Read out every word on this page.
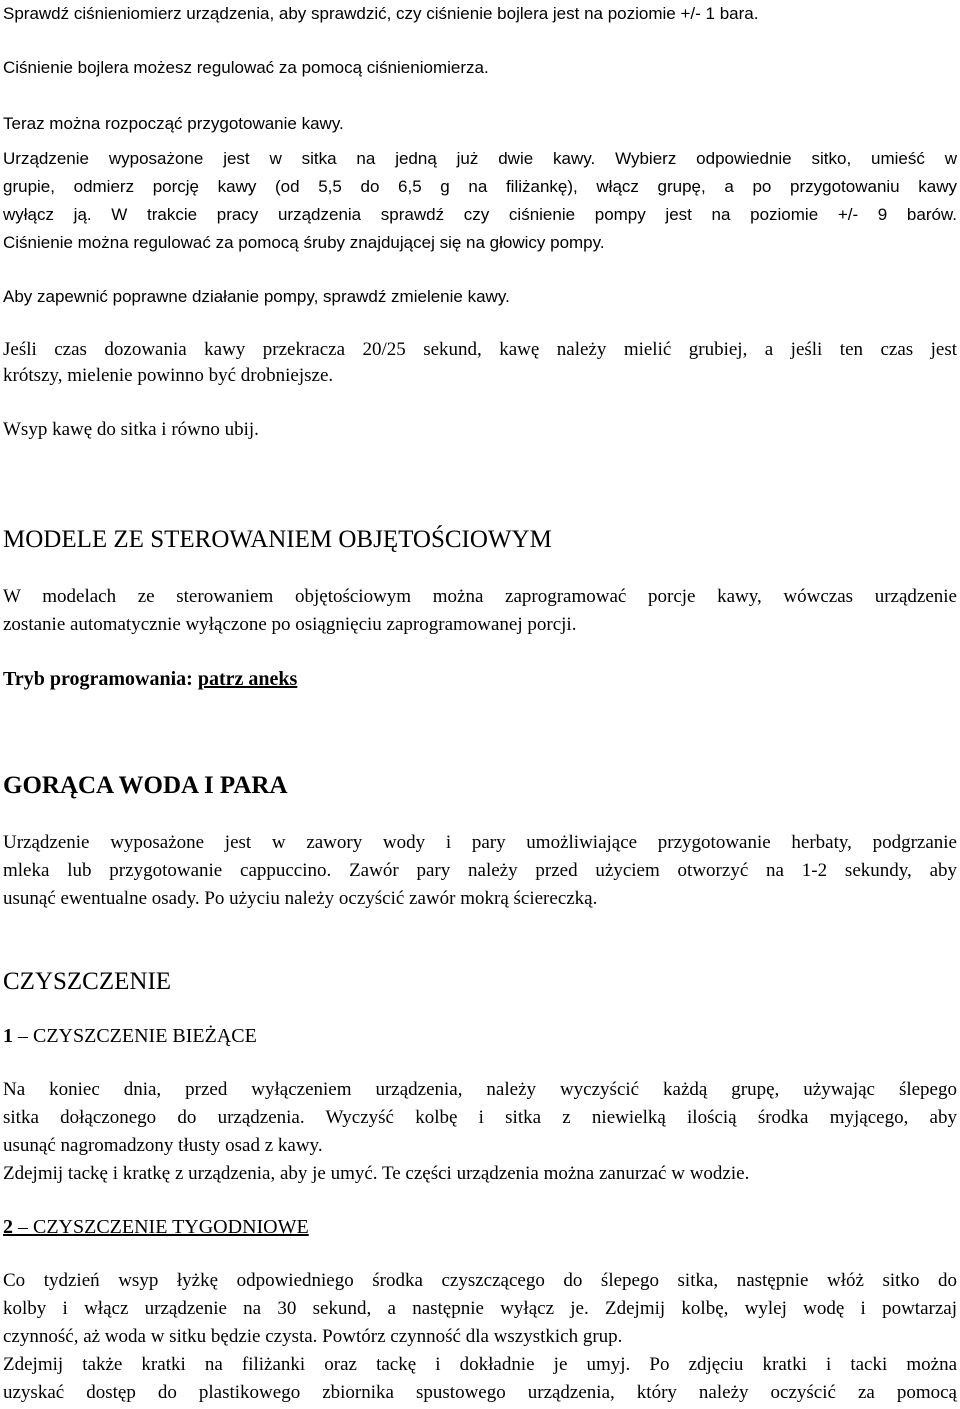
Sprawdź ciśnieniomierz urządzenia, aby sprawdzić, czy ciśnienie bojlera jest na poziomie +/- 1 bara.

Ciśnienie bojlera możesz regulować za pomocą ciśnieniomierza.

Teraz można rozpocząć przygotowanie kawy.

Urządzenie wyposażone jest w sitka na jedną już dwie kawy. Wybierz odpowiednie sitko, umieść w

grupie, odmierz porcję kawy (od 5,5 do 6,5 g na filiżankę), włącz grupę, a po przygotowaniu kawy

wyłącz ją. W trakcie pracy urządzenia sprawdź czy ciśnienie pompy jest na poziomie +/- 9 barów.

Ciśnienie można regulować za pomocą śruby znajdującej się na głowicy pompy.

Aby zapewnić poprawne działanie pompy, sprawdź zmielenie kawy.

Jeśli czas dozowania kawy przekracza 20/25 sekund, kawę należy mielić grubiej, a jeśli ten czas jest

krótszy, mielenie powinno być drobniejsze.

Wsyp kawę do sitka i równo ubij.

MODELE ZE STEROWANIEM OBJĘTOŚCIOWYM

W modelach ze sterowaniem objętościowym można zaprogramować porcje kawy, wówczas urządzenie

zostanie automatycznie wyłączone po osiągnięciu zaprogramowanej porcji.

Tryb programowania: patrz aneks

GORĄCA WODA I PARA

Urządzenie wyposażone jest w zawory wody i pary umożliwiające przygotowanie herbaty, podgrzanie

mleka lub przygotowanie cappuccino. Zawór pary należy przed użyciem otworzyć na 1-2 sekundy, aby

usunąć ewentualne osady. Po użyciu należy oczyścić zawór mokrą ściereczką.

CZYSZCZENIE
1 – CZYSZCZENIE BIEŻĄCE

Na koniec dnia, przed wyłączeniem urządzenia, należy wyczyścić każdą grupę, używając ślepego

sitka dołączonego do urządzenia. Wyczyść kolbę i sitka z niewielką ilością środka myjącego, aby

usunąć nagromadzony tłusty osad z kawy.

Zdejmij tackę i kratkę z urządzenia, aby je umyć. Te części urządzenia można zanurzać w wodzie.

2 – CZYSZCZENIE TYGODNIOWE

Co tydzień wsyp łyżkę odpowiedniego środka czyszczącego do ślepego sitka, następnie włóż sitko do

kolby i włącz urządzenie na 30 sekund, a następnie wyłącz je. Zdejmij kolbę, wylej wodę i powtarzaj

czynność, aż woda w sitku będzie czysta. Powtórz czynność dla wszystkich grup.

Zdejmij także kratki na filiżanki oraz tackę i dokładnie je umyj. Po zdjęciu kratki i tacki można

uzyskać dostęp do plastikowego zbiornika spustowego urządzenia, który należy oczyścić za pomocą
